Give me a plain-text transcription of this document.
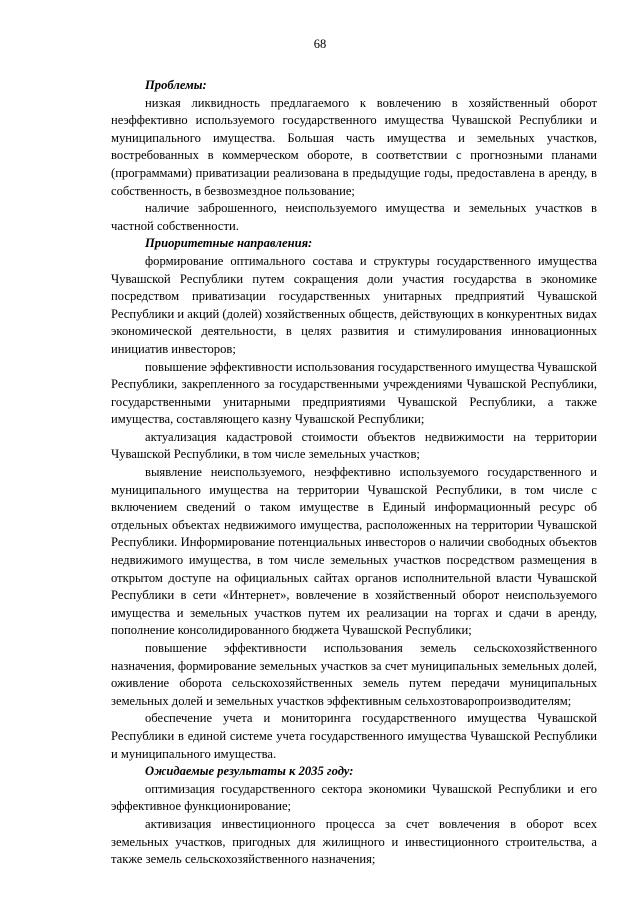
68

Проблемы:

низкая ликвидность предлагаемого к вовлечению в хозяйственный оборот неэффективно используемого государственного имущества Чувашской Республики и муниципального имущества. Большая часть имущества и земельных участков, востребованных в коммерческом обороте, в соответствии с прогнозными планами (программами) приватизации реализована в предыдущие годы, предоставлена в аренду, в собственность, в безвозмездное пользование;

наличие заброшенного, неиспользуемого имущества и земельных участков в частной собственности.

Приоритетные направления:

формирование оптимального состава и структуры государственного имущества Чувашской Республики путем сокращения доли участия государства в экономике посредством приватизации государственных унитарных предприятий Чувашской Республики и акций (долей) хозяйственных обществ, действующих в конкурентных видах экономической деятельности, в целях развития и стимулирования инновационных инициатив инвесторов;

повышение эффективности использования государственного имущества Чувашской Республики, закрепленного за государственными учреждениями Чувашской Республики, государственными унитарными предприятиями Чувашской Республики, а также имущества, составляющего казну Чувашской Республики;

актуализация кадастровой стоимости объектов недвижимости на территории Чувашской Республики, в том числе земельных участков;

выявление неиспользуемого, неэффективно используемого государственного и муниципального имущества на территории Чувашской Республики, в том числе с включением сведений о таком имуществе в Единый информационный ресурс об отдельных объектах недвижимого имущества, расположенных на территории Чувашской Республики. Информирование потенциальных инвесторов о наличии свободных объектов недвижимого имущества, в том числе земельных участков посредством размещения в открытом доступе на официальных сайтах органов исполнительной власти Чувашской Республики в сети «Интернет», вовлечение в хозяйственный оборот неиспользуемого имущества и земельных участков путем их реализации на торгах и сдачи в аренду, пополнение консолидированного бюджета Чувашской Республики;

повышение эффективности использования земель сельскохозяйственного назначения, формирование земельных участков за счет муниципальных земельных долей, оживление оборота сельскохозяйственных земель путем передачи муниципальных земельных долей и земельных участков эффективным сельхозтоваропроизводителям;

обеспечение учета и мониторинга государственного имущества Чувашской Республики в единой системе учета государственного имущества Чувашской Республики и муниципального имущества.

Ожидаемые результаты к 2035 году:

оптимизация государственного сектора экономики Чувашской Республики и его эффективное функционирование;

активизация инвестиционного процесса за счет вовлечения в оборот всех земельных участков, пригодных для жилищного и инвестиционного строительства, а также земель сельскохозяйственного назначения;
